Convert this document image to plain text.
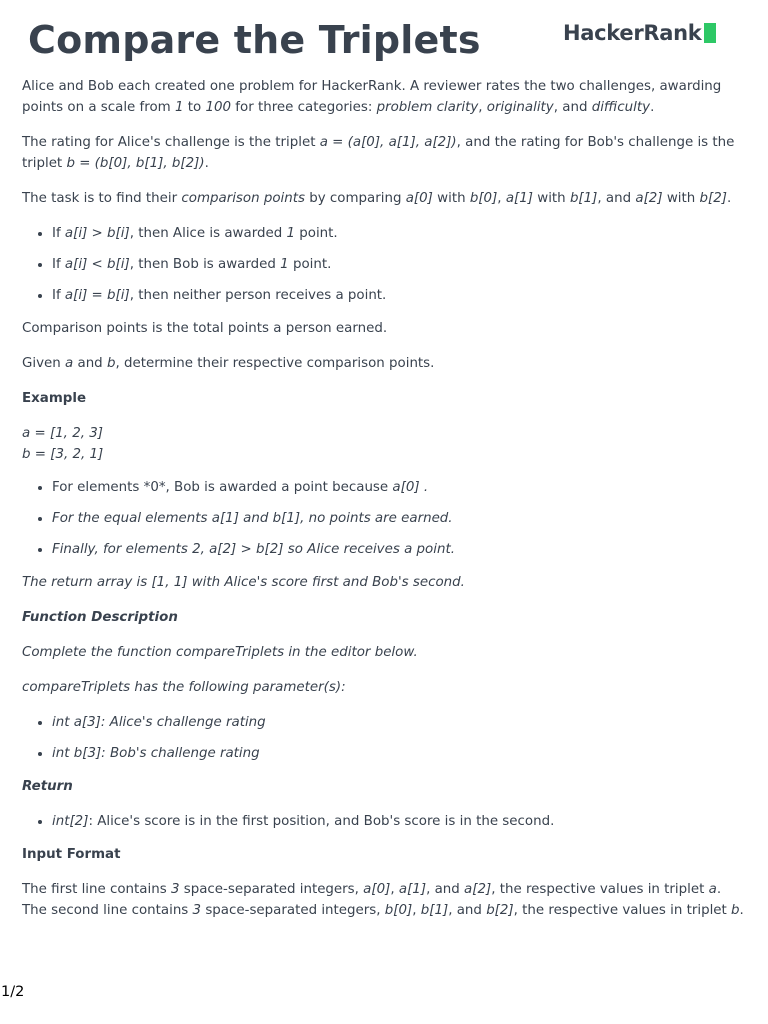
Compare the Triplets	HackerRank

Alice and Bob each created one problem for HackerRank. A reviewer rates the two challenges, awarding points on a scale from 1 to 100 for three categories: problem clarity, originality, and difficulty.

The rating for Alice's challenge is the triplet a = (a[0], a[1], a[2]), and the rating for Bob's challenge is the triplet b = (b[0], b[1], b[2]).

The task is to find their comparison points by comparing a[0] with b[0], a[1] with b[1], and a[2] with b[2].

• If a[i] > b[i], then Alice is awarded 1 point.
• If a[i] < b[i], then Bob is awarded 1 point.
• If a[i] = b[i], then neither person receives a point.

Comparison points is the total points a person earned.

Given a and b, determine their respective comparison points.

Example
a = [1, 2, 3]
b = [3, 2, 1]
• For elements *0*, Bob is awarded a point because a[0] .
• For the equal elements a[1] and b[1], no points are earned.
• Finally, for elements 2, a[2] > b[2] so Alice receives a point.

The return array is [1, 1] with Alice's score first and Bob's second.

Function Description

Complete the function compareTriplets in the editor below.

compareTriplets has the following parameter(s):

• int a[3]: Alice's challenge rating
• int b[3]: Bob's challenge rating
Return
• int[2]: Alice's score is in the first position, and Bob's score is in the second.
Input Format

The first line contains 3 space-separated integers, a[0], a[1], and a[2], the respective values in triplet a.
The second line contains 3 space-separated integers, b[0], b[1], and b[2], the respective values in triplet b.

1/2
